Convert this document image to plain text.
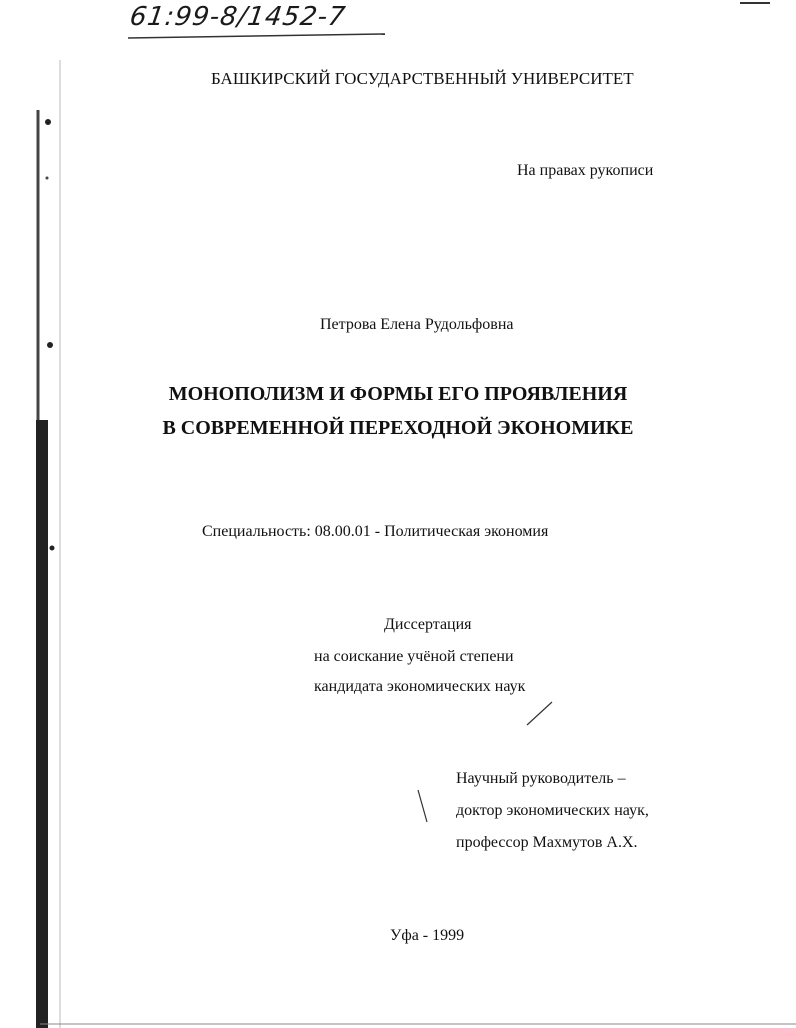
61:99-8/1452-7
БАШКИРСКИЙ ГОСУДАРСТВЕННЫЙ УНИВЕРСИТЕТ
На правах рукописи
Петрова Елена Рудольфовна
МОНОПОЛИЗМ И ФОРМЫ ЕГО ПРОЯВЛЕНИЯ
В СОВРЕМЕННОЙ ПЕРЕХОДНОЙ ЭКОНОМИКЕ
Специальность: 08.00.01 - Политическая экономия
Диссертация
на соискание учёной степени
кандидата экономических наук
Научный руководитель –
доктор экономических наук,
профессор Махмутов А.Х.
Уфа - 1999
